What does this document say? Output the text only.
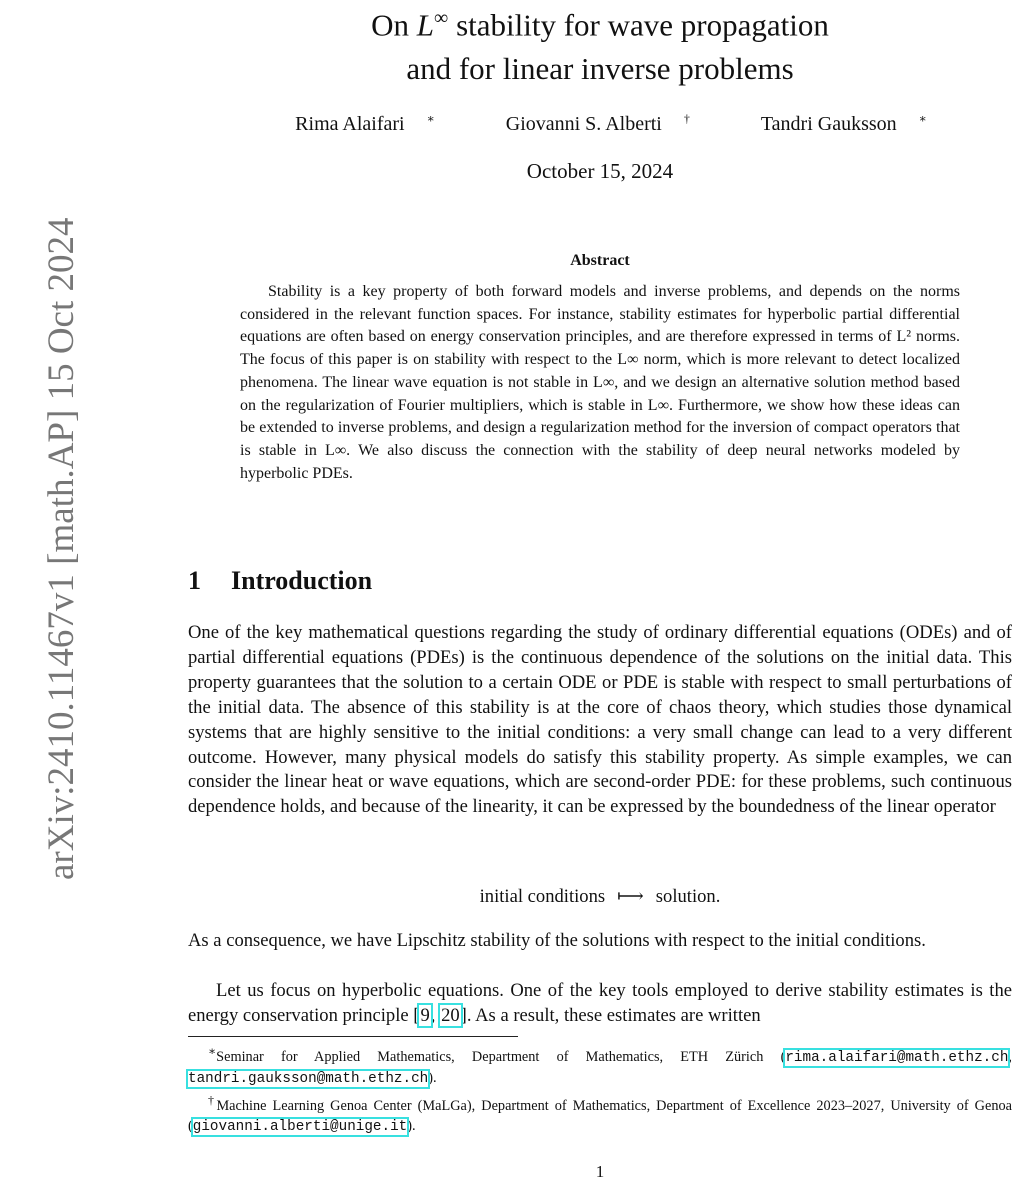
arXiv:2410.11467v1 [math.AP] 15 Oct 2024
On L∞ stability for wave propagation
and for linear inverse problems
Rima Alaifari ∗	Giovanni S. Alberti †	Tandri Gauksson ∗
October 15, 2024
Abstract
Stability is a key property of both forward models and inverse problems, and depends on the norms considered in the relevant function spaces. For instance, stability estimates for hyperbolic partial differential equations are often based on energy conservation principles, and are therefore expressed in terms of L² norms. The focus of this paper is on stability with respect to the L∞ norm, which is more relevant to detect localized phenomena. The linear wave equation is not stable in L∞, and we design an alternative solution method based on the regularization of Fourier multipliers, which is stable in L∞. Furthermore, we show how these ideas can be extended to inverse problems, and design a regularization method for the inversion of compact operators that is stable in L∞. We also discuss the connection with the stability of deep neural networks modeled by hyperbolic PDEs.
1 Introduction
One of the key mathematical questions regarding the study of ordinary differential equations (ODEs) and of partial differential equations (PDEs) is the continuous dependence of the solutions on the initial data. This property guarantees that the solution to a certain ODE or PDE is stable with respect to small perturbations of the initial data. The absence of this stability is at the core of chaos theory, which studies those dynamical systems that are highly sensitive to the initial conditions: a very small change can lead to a very different outcome. However, many physical models do satisfy this stability property. As simple examples, we can consider the linear heat or wave equations, which are second-order PDE: for these problems, such continuous dependence holds, and because of the linearity, it can be expressed by the boundedness of the linear operator
initial conditions ⟼ solution.
As a consequence, we have Lipschitz stability of the solutions with respect to the initial conditions.
Let us focus on hyperbolic equations. One of the key tools employed to derive stability estimates is the energy conservation principle [9, 20]. As a result, these estimates are written
∗Seminar for Applied Mathematics, Department of Mathematics, ETH Zürich (rima.alaifari@math.ethz.ch, tandri.gauksson@math.ethz.ch).
†Machine Learning Genoa Center (MaLGa), Department of Mathematics, Department of Excellence 2023–2027, University of Genoa (giovanni.alberti@unige.it).
1
